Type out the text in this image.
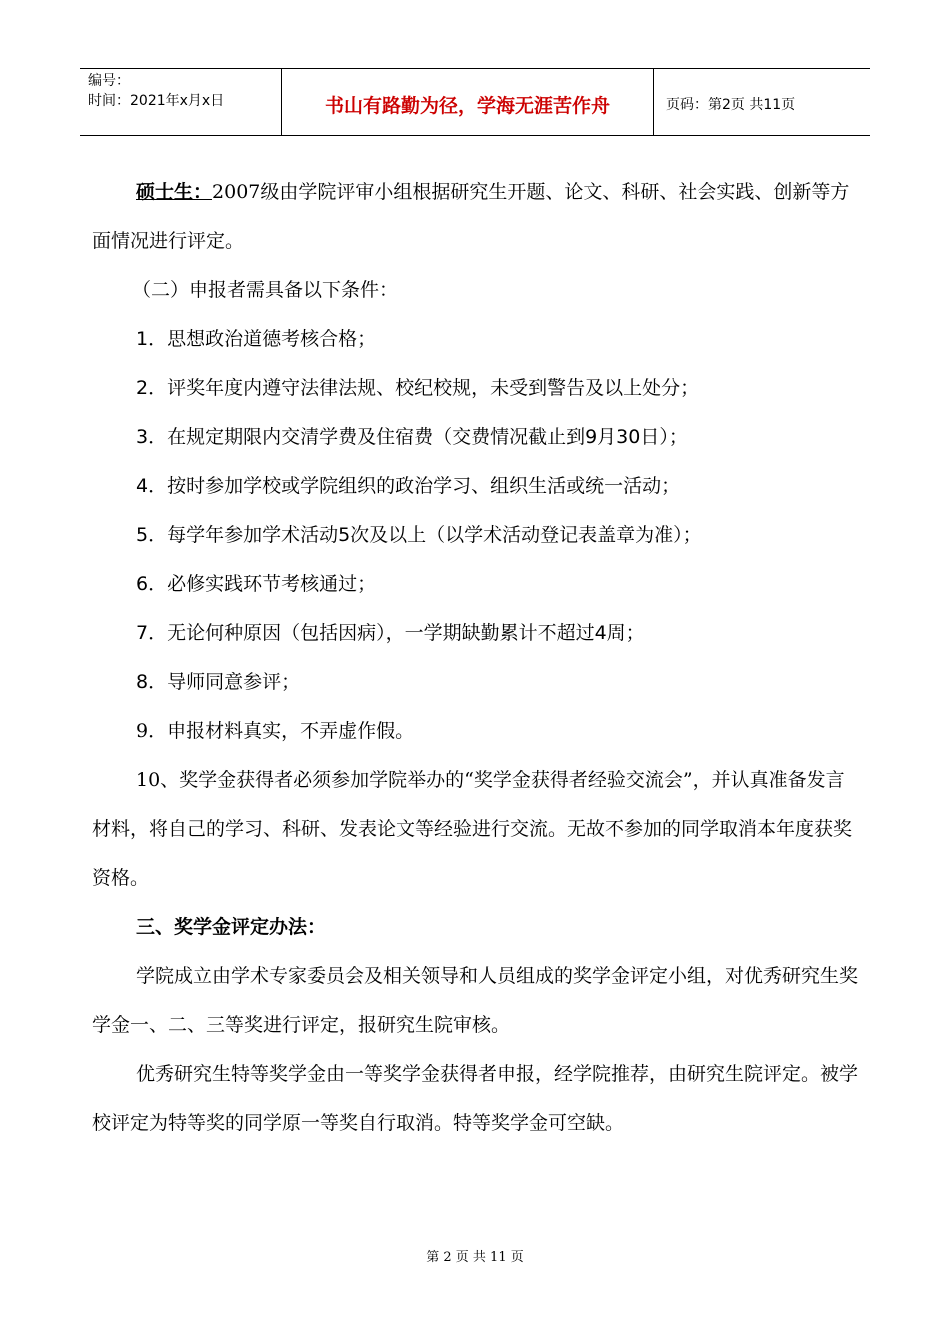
编号：
时间：2021年x月x日	书山有路勤为径，学海无涯苦作舟	页码：第2页 共11页

硕士生：2007级由学院评审小组根据研究生开题、论文、科研、社会实践、创新等方面情况进行评定。

（二）申报者需具备以下条件：

1．思想政治道德考核合格；

2．评奖年度内遵守法律法规、校纪校规，未受到警告及以上处分；

3．在规定期限内交清学费及住宿费（交费情况截止到9月30日）；

4．按时参加学校或学院组织的政治学习、组织生活或统一活动；

5．每学年参加学术活动5次及以上（以学术活动登记表盖章为准）；

6．必修实践环节考核通过；

7．无论何种原因（包括因病），一学期缺勤累计不超过4周；

8．导师同意参评；

9．申报材料真实，不弄虚作假。

10、奖学金获得者必须参加学院举办的“奖学金获得者经验交流会”，并认真准备发言材料，将自己的学习、科研、发表论文等经验进行交流。无故不参加的同学取消本年度获奖资格。

三、奖学金评定办法：

学院成立由学术专家委员会及相关领导和人员组成的奖学金评定小组，对优秀研究生奖学金一、二、三等奖进行评定，报研究生院审核。

优秀研究生特等奖学金由一等奖学金获得者申报，经学院推荐，由研究生院评定。被学校评定为特等奖的同学原一等奖自行取消。特等奖学金可空缺。

第 2 页 共 11 页
